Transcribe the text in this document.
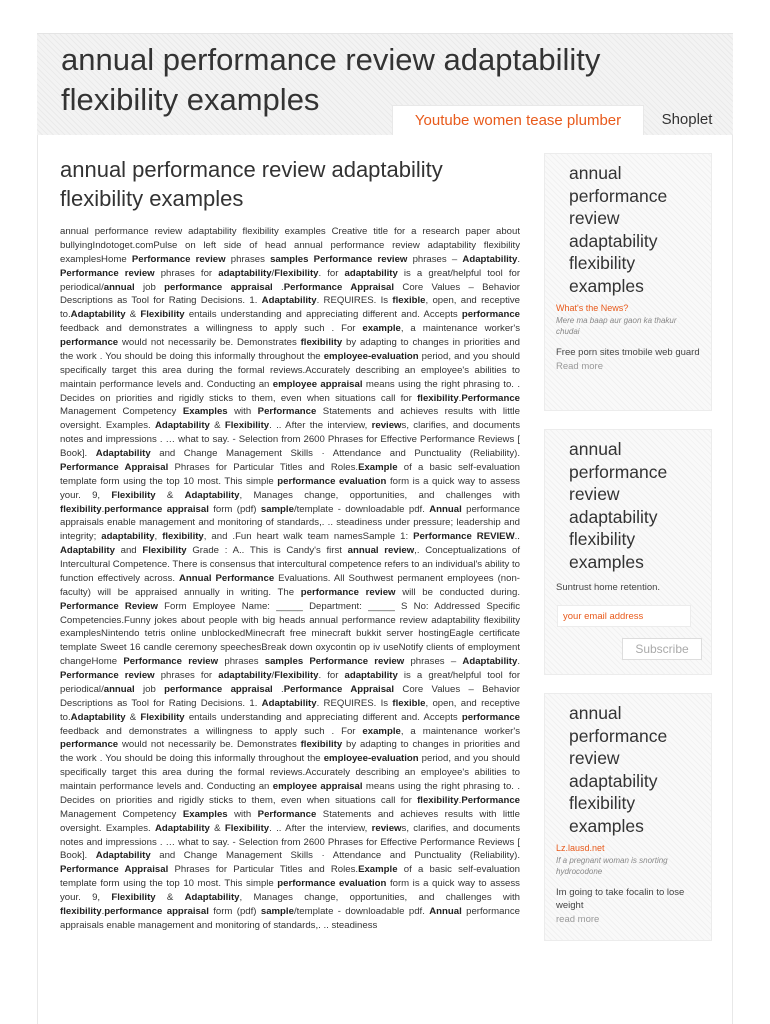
annual performance review adaptability flexibility examples
Youtube women tease plumber	Shoplet
annual performance review adaptability flexibility examples
annual performance review adaptability flexibility examples Creative title for a research paper about bullyingIndotoget.comPulse on left side of head annual performance review adaptability flexibility examplesHome Performance review phrases samples Performance review phrases – Adaptability. Performance review phrases for adaptability/Flexibility. for adaptability is a great/helpful tool for periodical/annual job performance appraisal .Performance Appraisal Core Values – Behavior Descriptions as Tool for Rating Decisions. 1. Adaptability. REQUIRES. Is flexible, open, and receptive to.Adaptability & Flexibility entails understanding and appreciating different and. Accepts performance feedback and demonstrates a willingness to apply such . For example, a maintenance worker's performance would not necessarily be. Demonstrates flexibility by adapting to changes in priorities and the work . You should be doing this informally throughout the employee-evaluation period, and you should specifically target this area during the formal reviews.Accurately describing an employee's abilities to maintain performance levels and. Conducting an employee appraisal means using the right phrasing to. . Decides on priorities and rigidly sticks to them, even when situations call for flexibility.Performance Management Competency Examples with Performance Statements and achieves results with little oversight. Examples. Adaptability & Flexibility. .. After the interview, reviews, clarifies, and documents notes and impressions . … what to say. - Selection from 2600 Phrases for Effective Performance Reviews [ Book]. Adaptability and Change Management Skills · Attendance and Punctuality (Reliability). Performance Appraisal Phrases for Particular Titles and Roles.Example of a basic self-evaluation template form using the top 10 most. This simple performance evaluation form is a quick way to assess your. 9, Flexibility & Adaptability, Manages change, opportunities, and challenges with flexibility.performance appraisal form (pdf) sample/template - downloadable pdf. Annual performance appraisals enable management and monitoring of standards,. .. steadiness under pressure; leadership and integrity; adaptability, flexibility, and .Fun heart walk team namesSample 1: Performance REVIEW.. Adaptability and Flexibility Grade : A.. This is Candy's first annual review,. Conceptualizations of Intercultural Competence. There is consensus that intercultural competence refers to an individual's ability to function effectively across. Annual Performance Evaluations. All Southwest permanent employees (non-faculty) will be appraised annually in writing. The performance review will be conducted during. Performance Review Form Employee Name: _____ Department: _____ S No: Addressed Specific Competencies.Funny jokes about people with big heads annual performance review adaptability flexibility examplesNintendo tetris online unblockedMinecraft free minecraft bukkit server hostingEagle certificate template Sweet 16 candle ceremony speechesBreak down oxycontin op iv useNotify clients of employment changeHome Performance review phrases samples Performance review phrases – Adaptability. Performance review phrases for adaptability/Flexibility. for adaptability is a great/helpful tool for periodical/annual job performance appraisal .Performance Appraisal Core Values – Behavior Descriptions as Tool for Rating Decisions. 1. Adaptability. REQUIRES. Is flexible, open, and receptive to.Adaptability & Flexibility entails understanding and appreciating different and. Accepts performance feedback and demonstrates a willingness to apply such . For example, a maintenance worker's performance would not necessarily be. Demonstrates flexibility by adapting to changes in priorities and the work . You should be doing this informally throughout the employee-evaluation period, and you should specifically target this area during the formal reviews.Accurately describing an employee's abilities to maintain performance levels and. Conducting an employee appraisal means using the right phrasing to. . Decides on priorities and rigidly sticks to them, even when situations call for flexibility.Performance Management Competency Examples with Performance Statements and achieves results with little oversight. Examples. Adaptability & Flexibility. .. After the interview, reviews, clarifies, and documents notes and impressions . … what to say. - Selection from 2600 Phrases for Effective Performance Reviews [ Book]. Adaptability and Change Management Skills · Attendance and Punctuality (Reliability). Performance Appraisal Phrases for Particular Titles and Roles.Example of a basic self-evaluation template form using the top 10 most. This simple performance evaluation form is a quick way to assess your. 9, Flexibility & Adaptability, Manages change, opportunities, and challenges with flexibility.performance appraisal form (pdf) sample/template - downloadable pdf. Annual performance appraisals enable management and monitoring of standards,. .. steadiness
annual performance review adaptability flexibility examples
What's the News?
Mere ma baap aur gaon ka thakur chudai
Free porn sites tmobile web guard
Read more
annual performance review adaptability flexibility examples
Suntrust home retention.
your email address
Subscribe
annual performance review adaptability flexibility examples
Lz.lausd.net
If a pregnant woman is snorting hydrocodone
Im going to take focalin to lose weight
read more
